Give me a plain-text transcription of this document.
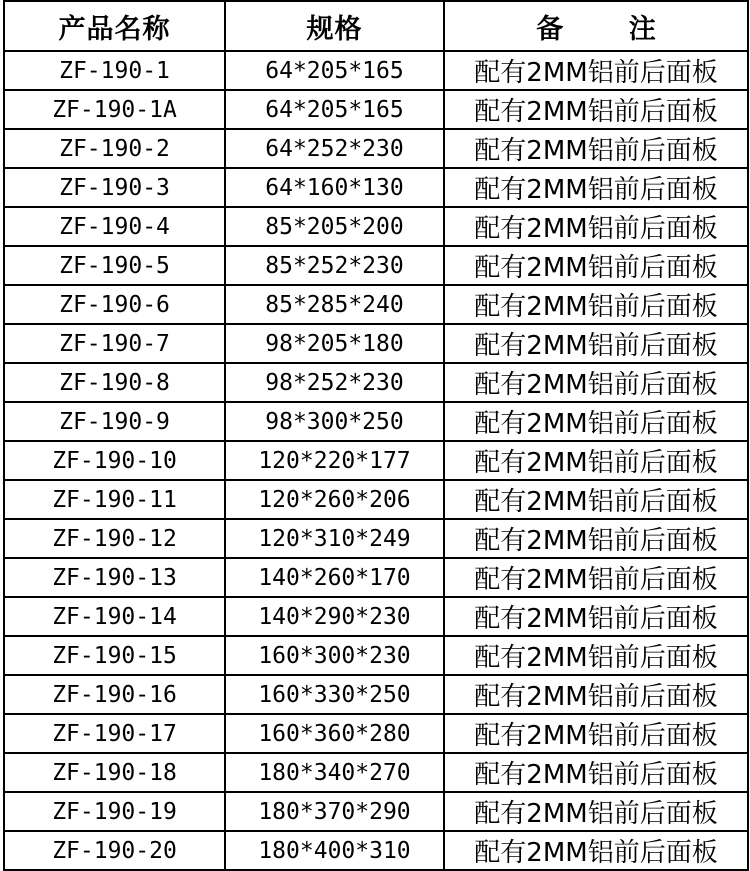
产品名称	规格	备 注
ZF-190-1	64*205*165	配有2MM铝前后面板
ZF-190-1A	64*205*165	配有2MM铝前后面板
ZF-190-2	64*252*230	配有2MM铝前后面板
ZF-190-3	64*160*130	配有2MM铝前后面板
ZF-190-4	85*205*200	配有2MM铝前后面板
ZF-190-5	85*252*230	配有2MM铝前后面板
ZF-190-6	85*285*240	配有2MM铝前后面板
ZF-190-7	98*205*180	配有2MM铝前后面板
ZF-190-8	98*252*230	配有2MM铝前后面板
ZF-190-9	98*300*250	配有2MM铝前后面板
ZF-190-10	120*220*177	配有2MM铝前后面板
ZF-190-11	120*260*206	配有2MM铝前后面板
ZF-190-12	120*310*249	配有2MM铝前后面板
ZF-190-13	140*260*170	配有2MM铝前后面板
ZF-190-14	140*290*230	配有2MM铝前后面板
ZF-190-15	160*300*230	配有2MM铝前后面板
ZF-190-16	160*330*250	配有2MM铝前后面板
ZF-190-17	160*360*280	配有2MM铝前后面板
ZF-190-18	180*340*270	配有2MM铝前后面板
ZF-190-19	180*370*290	配有2MM铝前后面板
ZF-190-20	180*400*310	配有2MM铝前后面板
